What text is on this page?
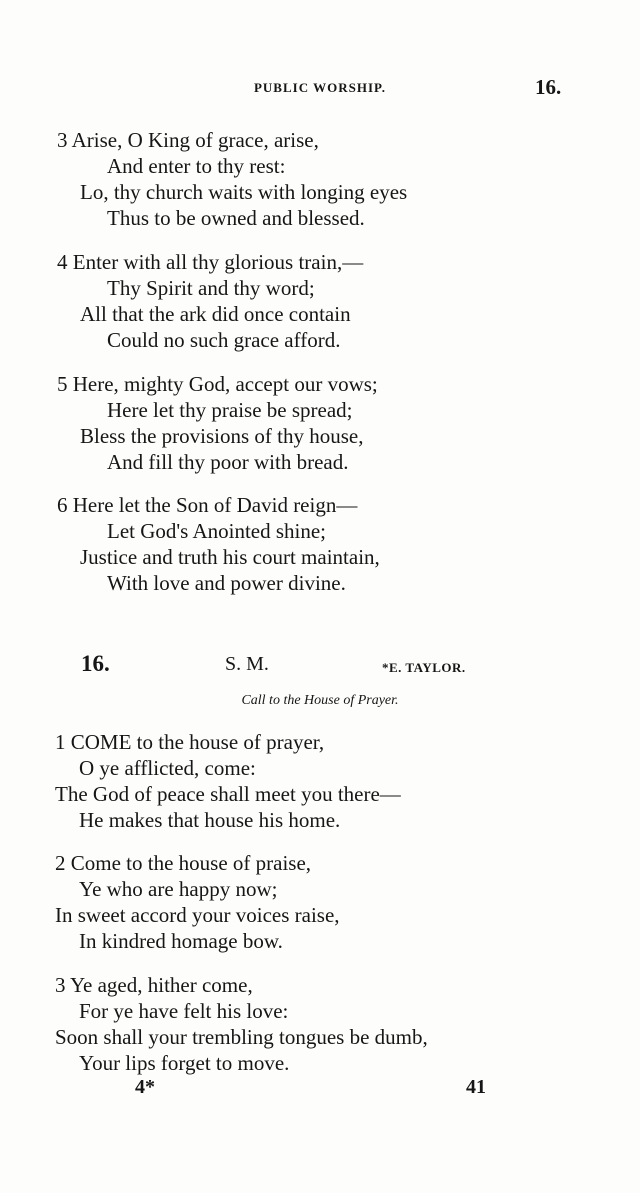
PUBLIC WORSHIP.	16.
3 Arise, O King of grace, arise,
And enter to thy rest:
Lo, thy church waits with longing eyes
Thus to be owned and blessed.
4 Enter with all thy glorious train,—
Thy Spirit and thy word;
All that the ark did once contain
Could no such grace afford.
5 Here, mighty God, accept our vows;
Here let thy praise be spread;
Bless the provisions of thy house,
And fill thy poor with bread.
6 Here let the Son of David reign—
Let God's Anointed shine;
Justice and truth his court maintain,
With love and power divine.
16.	S. M.	*E. TAYLOR.
Call to the House of Prayer.
1 COME to the house of prayer,
O ye afflicted, come:
The God of peace shall meet you there—
He makes that house his home.
2 Come to the house of praise,
Ye who are happy now;
In sweet accord your voices raise,
In kindred homage bow.
3 Ye aged, hither come,
For ye have felt his love:
Soon shall your trembling tongues be dumb,
Your lips forget to move.
4*	41
